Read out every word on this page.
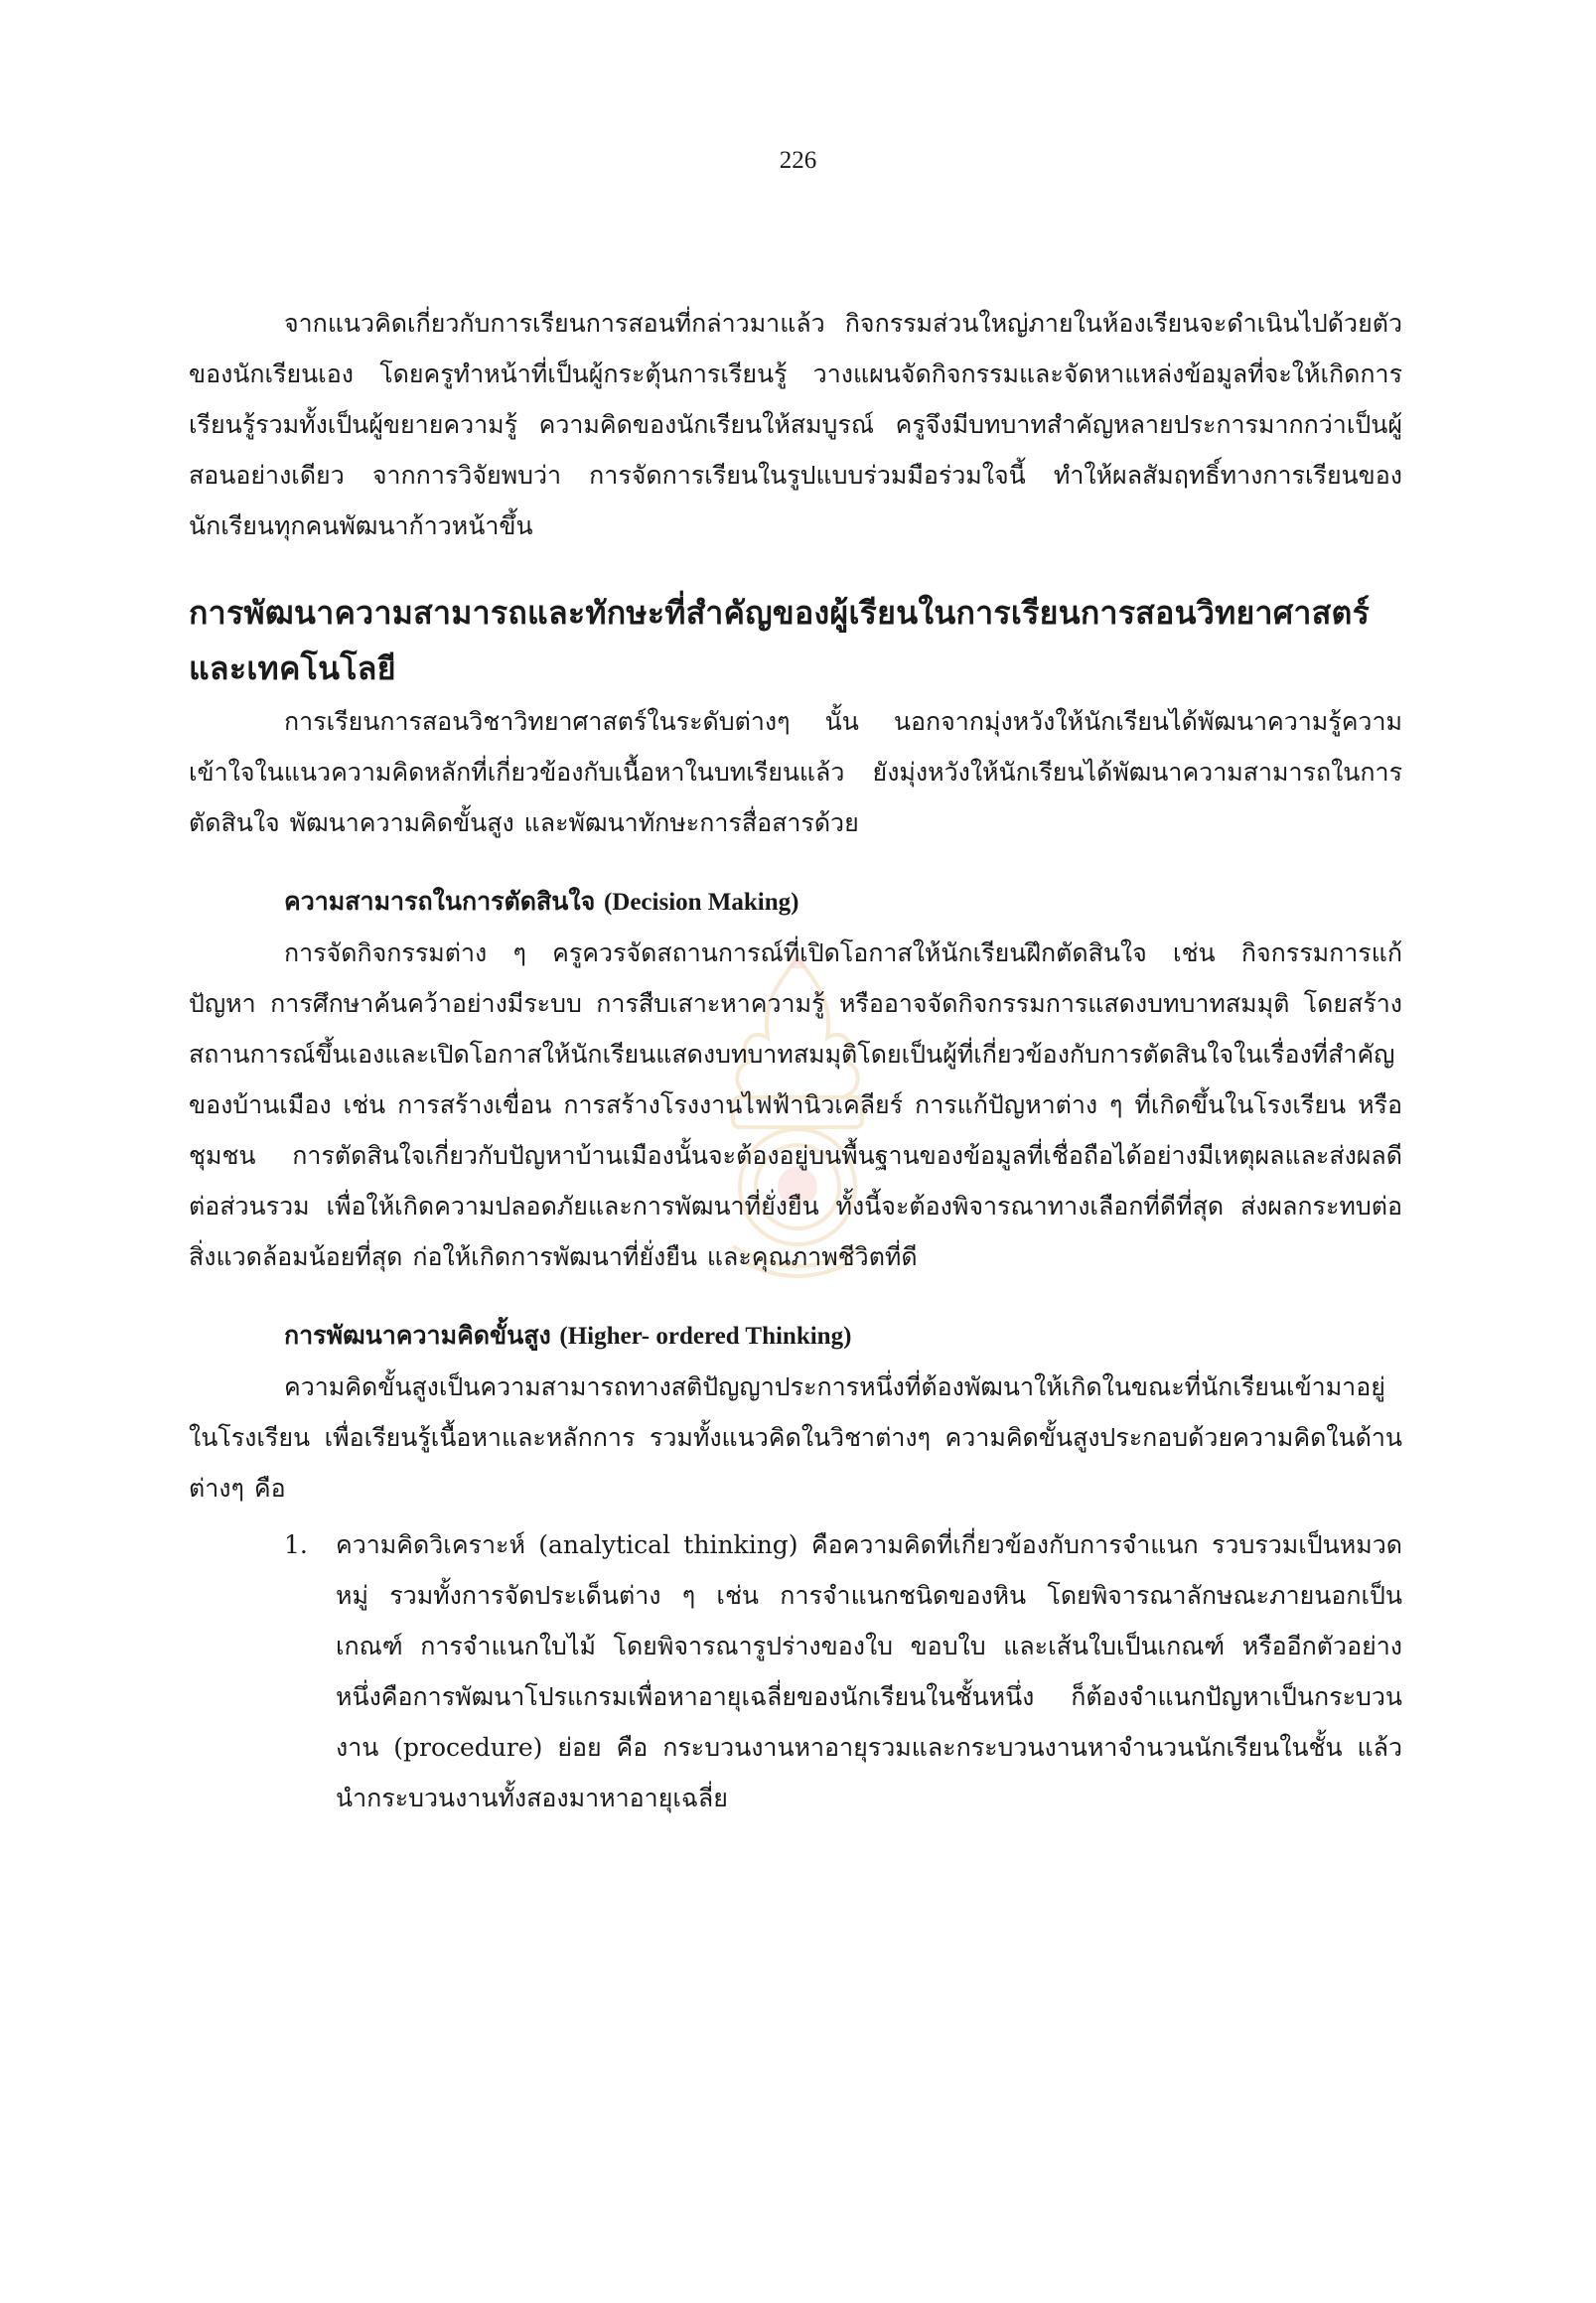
226

จากแนวคิดเกี่ยวกับการเรียนการสอนที่กล่าวมาแล้ว กิจกรรมส่วนใหญ่ภายในห้องเรียนจะดำเนินไปด้วยตัวของนักเรียนเอง โดยครูทำหน้าที่เป็นผู้กระตุ้นการเรียนรู้ วางแผนจัดกิจกรรมและจัดหาแหล่งข้อมูลที่จะให้เกิดการเรียนรู้รวมทั้งเป็นผู้ขยายความรู้ ความคิดของนักเรียนให้สมบูรณ์ ครูจึงมีบทบาทสำคัญหลายประการมากกว่าเป็นผู้สอนอย่างเดียว จากการวิจัยพบว่า การจัดการเรียนในรูปแบบร่วมมือร่วมใจนี้ ทำให้ผลสัมฤทธิ์ทางการเรียนของนักเรียนทุกคนพัฒนาก้าวหน้าขึ้น

การพัฒนาความสามารถและทักษะที่สำคัญของผู้เรียนในการเรียนการสอนวิทยาศาสตร์และเทคโนโลยี

การเรียนการสอนวิชาวิทยาศาสตร์ในระดับต่างๆ นั้น นอกจากมุ่งหวังให้นักเรียนได้พัฒนาความรู้ความเข้าใจในแนวความคิดหลักที่เกี่ยวข้องกับเนื้อหาในบทเรียนแล้ว ยังมุ่งหวังให้นักเรียนได้พัฒนาความสามารถในการตัดสินใจ พัฒนาความคิดขั้นสูง และพัฒนาทักษะการสื่อสารด้วย

ความสามารถในการตัดสินใจ (Decision Making)

การจัดกิจกรรมต่าง ๆ ครูควรจัดสถานการณ์ที่เปิดโอกาสให้นักเรียนฝึกตัดสินใจ เช่น กิจกรรมการแก้ปัญหา การศึกษาค้นคว้าอย่างมีระบบ การสืบเสาะหาความรู้ หรืออาจจัดกิจกรรมการแสดงบทบาทสมมุติ โดยสร้างสถานการณ์ขึ้นเองและเปิดโอกาสให้นักเรียนแสดงบทบาทสมมุติโดยเป็นผู้ที่เกี่ยวข้องกับการตัดสินใจในเรื่องที่สำคัญของบ้านเมือง เช่น การสร้างเขื่อน การสร้างโรงงานไฟฟ้านิวเคลียร์ การแก้ปัญหาต่าง ๆ ที่เกิดขึ้นในโรงเรียน หรือชุมชน การตัดสินใจเกี่ยวกับปัญหาบ้านเมืองนั้นจะต้องอยู่บนพื้นฐานของข้อมูลที่เชื่อถือได้อย่างมีเหตุผลและส่งผลดีต่อส่วนรวม เพื่อให้เกิดความปลอดภัยและการพัฒนาที่ยั่งยืน ทั้งนี้จะต้องพิจารณาทางเลือกที่ดีที่สุด ส่งผลกระทบต่อสิ่งแวดล้อมน้อยที่สุด ก่อให้เกิดการพัฒนาที่ยั่งยืน และคุณภาพชีวิตที่ดี

การพัฒนาความคิดขั้นสูง (Higher- ordered Thinking)

ความคิดขั้นสูงเป็นความสามารถทางสติปัญญาประการหนึ่งที่ต้องพัฒนาให้เกิดในขณะที่นักเรียนเข้ามาอยู่ในโรงเรียน เพื่อเรียนรู้เนื้อหาและหลักการ รวมทั้งแนวคิดในวิชาต่างๆ ความคิดขั้นสูงประกอบด้วยความคิดในด้านต่างๆ คือ

1. ความคิดวิเคราะห์ (analytical thinking) คือความคิดที่เกี่ยวข้องกับการจำแนก รวบรวมเป็นหมวดหมู่ รวมทั้งการจัดประเด็นต่าง ๆ เช่น การจำแนกชนิดของหิน โดยพิจารณาลักษณะภายนอกเป็นเกณฑ์ การจำแนกใบไม้ โดยพิจารณารูปร่างของใบ ขอบใบ และเส้นใบเป็นเกณฑ์ หรืออีกตัวอย่างหนึ่งคือการพัฒนาโปรแกรมเพื่อหาอายุเฉลี่ยของนักเรียนในชั้นหนึ่ง ก็ต้องจำแนกปัญหาเป็นกระบวนงาน (procedure) ย่อย คือ กระบวนงานหาอายุรวมและกระบวนงานหาจำนวนนักเรียนในชั้น แล้วนำกระบวนงานทั้งสองมาหาอายุเฉลี่ย
